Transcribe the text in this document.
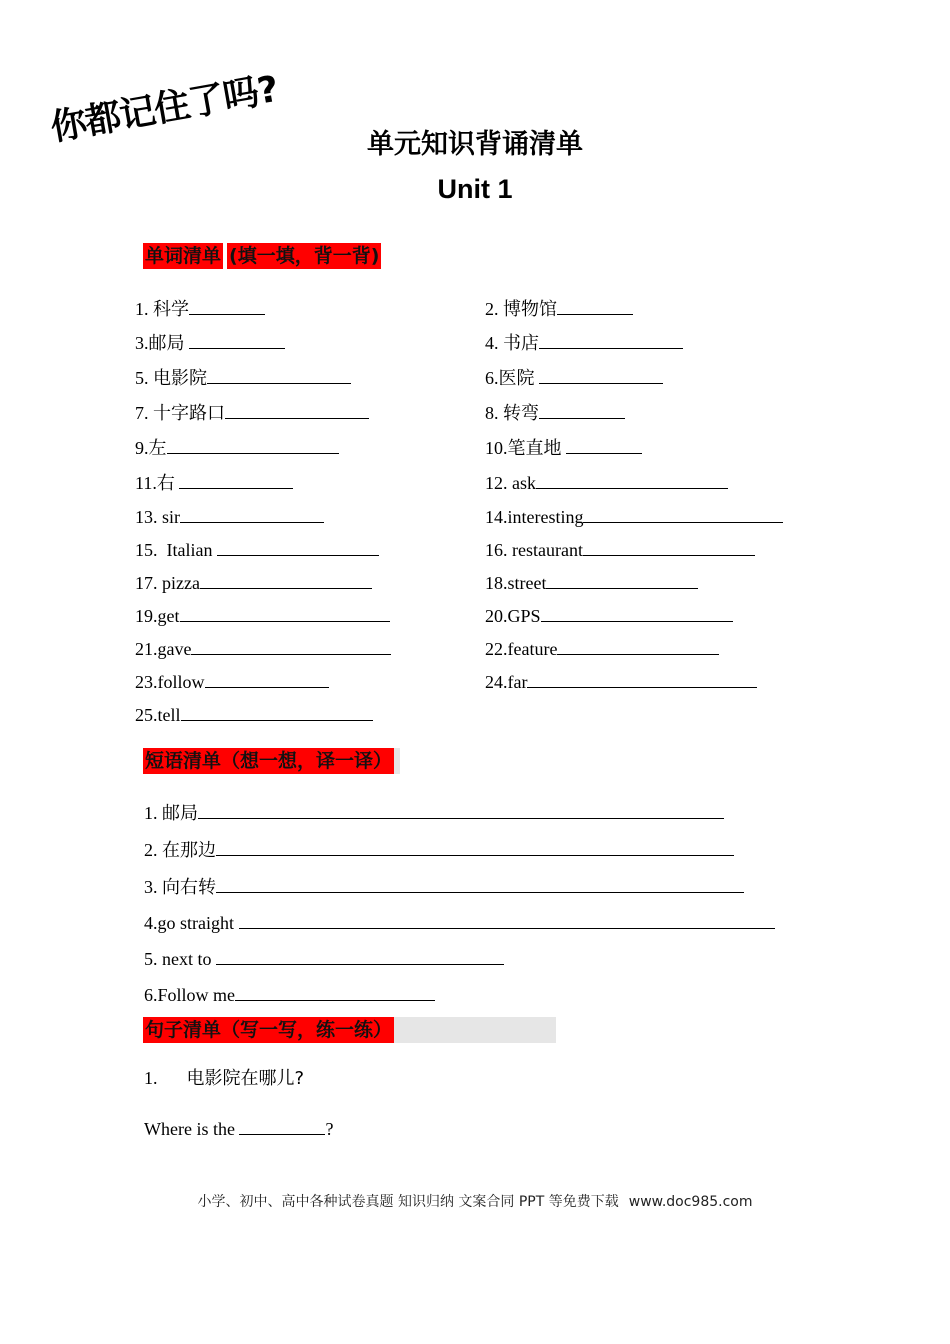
你都记住了吗?	单元知识背诵清单
Unit 1
单词清单 (填一填，背一背)
1. 科学	2. 博物馆
3.邮局	4. 书店
5. 电影院	6.医院
7. 十字路口	8. 转弯
9.左	10.笔直地
11.右	12. ask
13. sir	14.interesting
15.  Italian	16. restaurant
17. pizza	18.street
19.get	20.GPS
21.gave	22.feature
23.follow	24.far
25.tell
短语清单（想一想，译一译）
1. 邮局
2. 在那边
3. 向右转
4.go straight
5. next to
6.Follow me
句子清单（写一写，练一练）
1. 电影院在哪儿?
Where is the	?
小学、初中、高中各种试卷真题 知识归纳 文案合同 PPT 等免费下载 www.doc985.com
